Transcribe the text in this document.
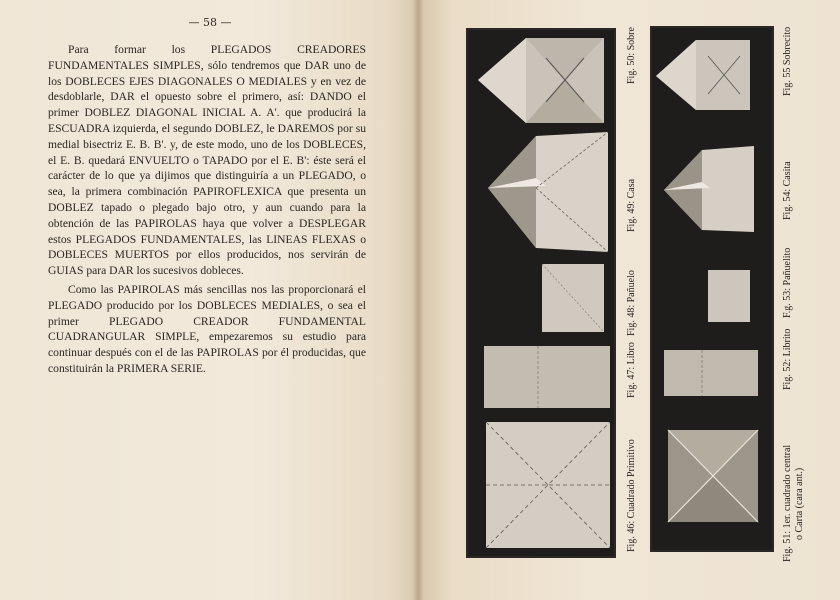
— 58 —

Para formar los PLEGADOS CREADORES FUNDAMENTALES SIMPLES, sólo tendremos que DAR uno de los DOBLECES EJES DIAGONALES O MEDIALES y en vez de desdoblarle, DAR el opuesto sobre el primero, así: DANDO el primer DOBLEZ DIAGONAL INICIAL A. A'. que producirá la ESCUADRA izquierda, el segundo DOBLEZ, le DAREMOS por su medial bisectriz E. B. B'. y, de este modo, uno de los DOBLECES, el E. B. quedará ENVUELTO o TAPADO por el E. B': éste será el carácter de lo que ya dijimos que distinguiría a un PLEGADO, o sea, la primera combinación PAPIROFLEXICA que presenta un DOBLEZ tapado o plegado bajo otro, y aun cuando para la obtención de las PAPIROLAS haya que volver a DESPLEGAR estos PLEGADOS FUNDAMENTALES, las LINEAS FLEXAS o DOBLECES MUERTOS por ellos producidos, nos servirán de GUIAS para DAR los sucesivos dobleces.

Como las PAPIROLAS más sencillas nos las proporcionará el PLEGADO producido por los DOBLECES MEDIALES, o sea el primer PLEGADO CREADOR FUNDAMENTAL CUADRANGULAR SIMPLE, empezaremos su estudio para continuar después con el de las PAPIROLAS por él producidas, que constituirán la PRIMERA SERIE.

Fig. 46: Cuadrado Primitivo
Fig. 47: Libro
Fig. 48: Pañuelo
Fig. 49: Casa
Fig. 50: Sobre
Fig. 51: 1er. cuadrado central o Carta (cara ant.)
Fig. 52: Librito
F.g. 53: Pañuelito
Fig. 54: Casita
Fig. 55 Sobrecito
